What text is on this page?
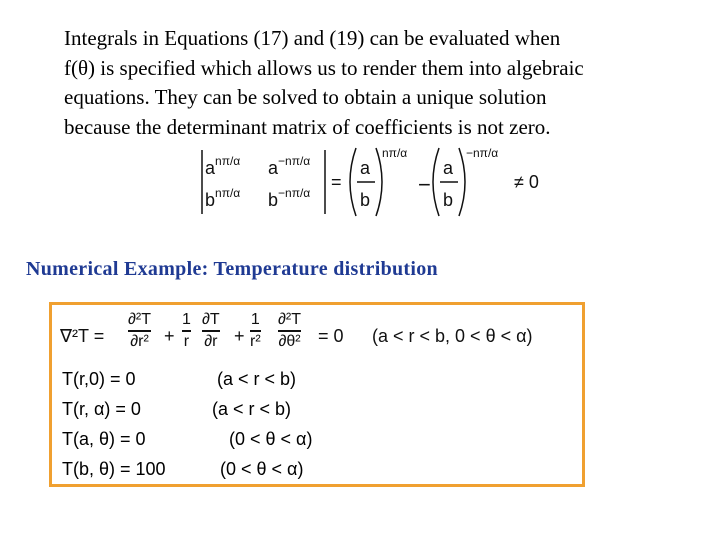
Integrals in Equations (17) and (19) can be evaluated when
f(θ) is specified which allows us to render them into algebraic
equations. They can be solved to obtain a unique solution
because the determinant matrix of coefficients is not zero.
$a^{n\pi/\alpha}$ $a^{-n\pi/\alpha}$
$b^{n\pi/\alpha}$ $b^{-n\pi/\alpha}$
=
a
b
nπ/α
−
a
b
−nπ/α
≠ 0
Numerical Example: Temperature distribution
∇²T =
∂²T
∂r² +
1
r
∂T
∂r +
1
r²
∂²T
∂θ² = 0 (a < r < b, 0 < θ < α)
T(r,0) = 0	(a < r < b)
T(r, α) = 0	(a < r < b)
T(a, θ) = 0	(0 < θ < α)
T(b, θ) = 100	(0 < θ < α)
